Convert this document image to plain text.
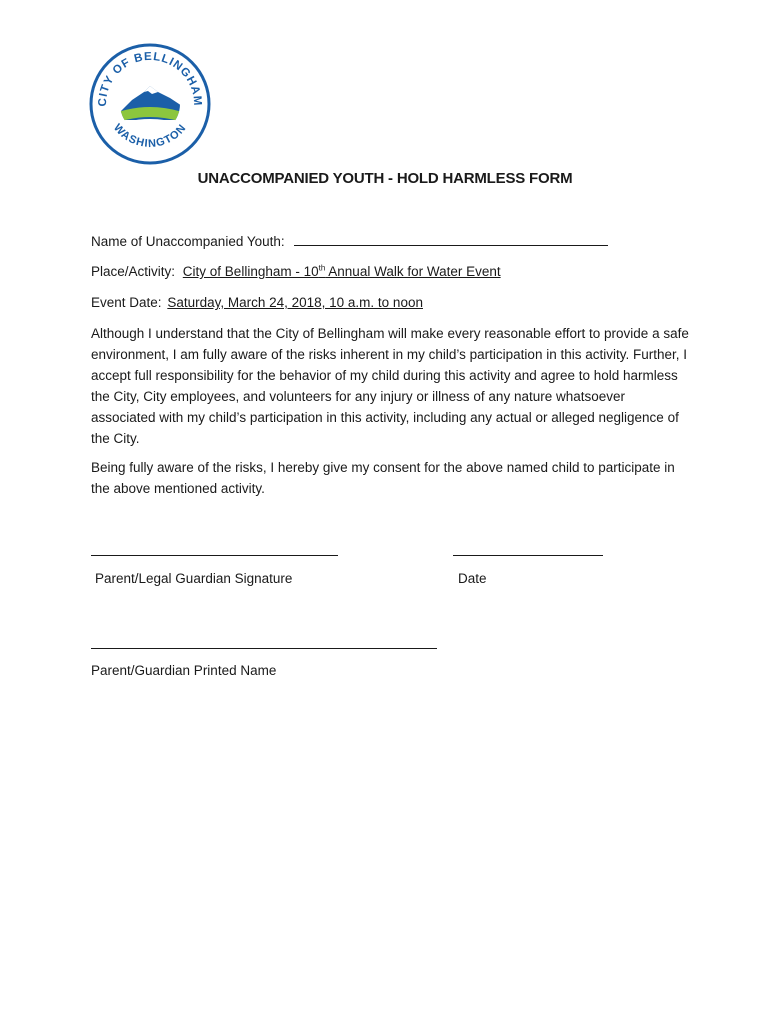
CITY OF BELLINGHAM
WASHINGTON
UNACCOMPANIED YOUTH - HOLD HARMLESS FORM
Name of Unaccompanied Youth:
Place/Activity: City of Bellingham - 10th Annual Walk for Water Event
Event Date: Saturday, March 24, 2018, 10 a.m. to noon
Although I understand that the City of Bellingham will make every reasonable effort to provide a safe environment, I am fully aware of the risks inherent in my child’s participation in this activity. Further, I accept full responsibility for the behavior of my child during this activity and agree to hold harmless the City, City employees, and volunteers for any injury or illness of any nature whatsoever associated with my child’s participation in this activity, including any actual or alleged negligence of the City.
Being fully aware of the risks, I hereby give my consent for the above named child to participate in the above mentioned activity.
Parent/Legal Guardian Signature	Date
Parent/Guardian Printed Name
